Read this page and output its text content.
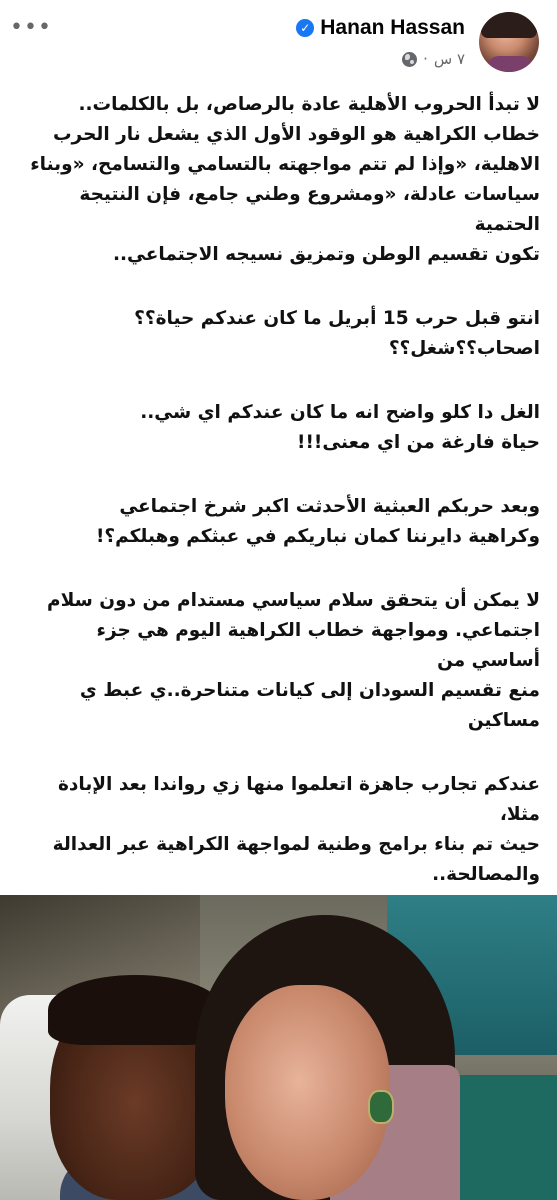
•••	✓ Hanan Hassan
· ٧ س

لا تبدأ الحروب الأهلية عادة بالرصاص، بل بالكلمات..
خطاب الكراهية هو الوقود الأول الذي يشعل نار الحرب
الاهلية، «وإذا لم تتم مواجهته بالتسامي والتسامح، «وبناء
سياسات عادلة، «ومشروع وطني جامع، فإن النتيجة الحتمية
تكون تقسيم الوطن وتمزيق نسيجه الاجتماعي..

انتو قبل حرب 15 أبريل ما كان عندكم حياة؟؟
اصحاب؟؟شغل؟؟

الغل دا كلو واضح انه ما كان عندكم اي شي..
حياة فارغة من اي معنى!!!

وبعد حربكم العبثية الأحدثت اكبر شرخ اجتماعي
وكراهية دايرننا كمان نباريكم في عبثكم وهبلكم؟!

لا يمكن أن يتحقق سلام سياسي مستدام من دون سلام
اجتماعي. ومواجهة خطاب الكراهية اليوم هي جزء أساسي من
منع تقسيم السودان إلى كيانات متناحرة..ي عبط ي مساكين

عندكم تجارب جاهزة اتعلموا منها زي رواندا بعد الإبادة مثلا،
حيث تم بناء برامج وطنية لمواجهة الكراهية عبر العدالة
والمصالحة..
